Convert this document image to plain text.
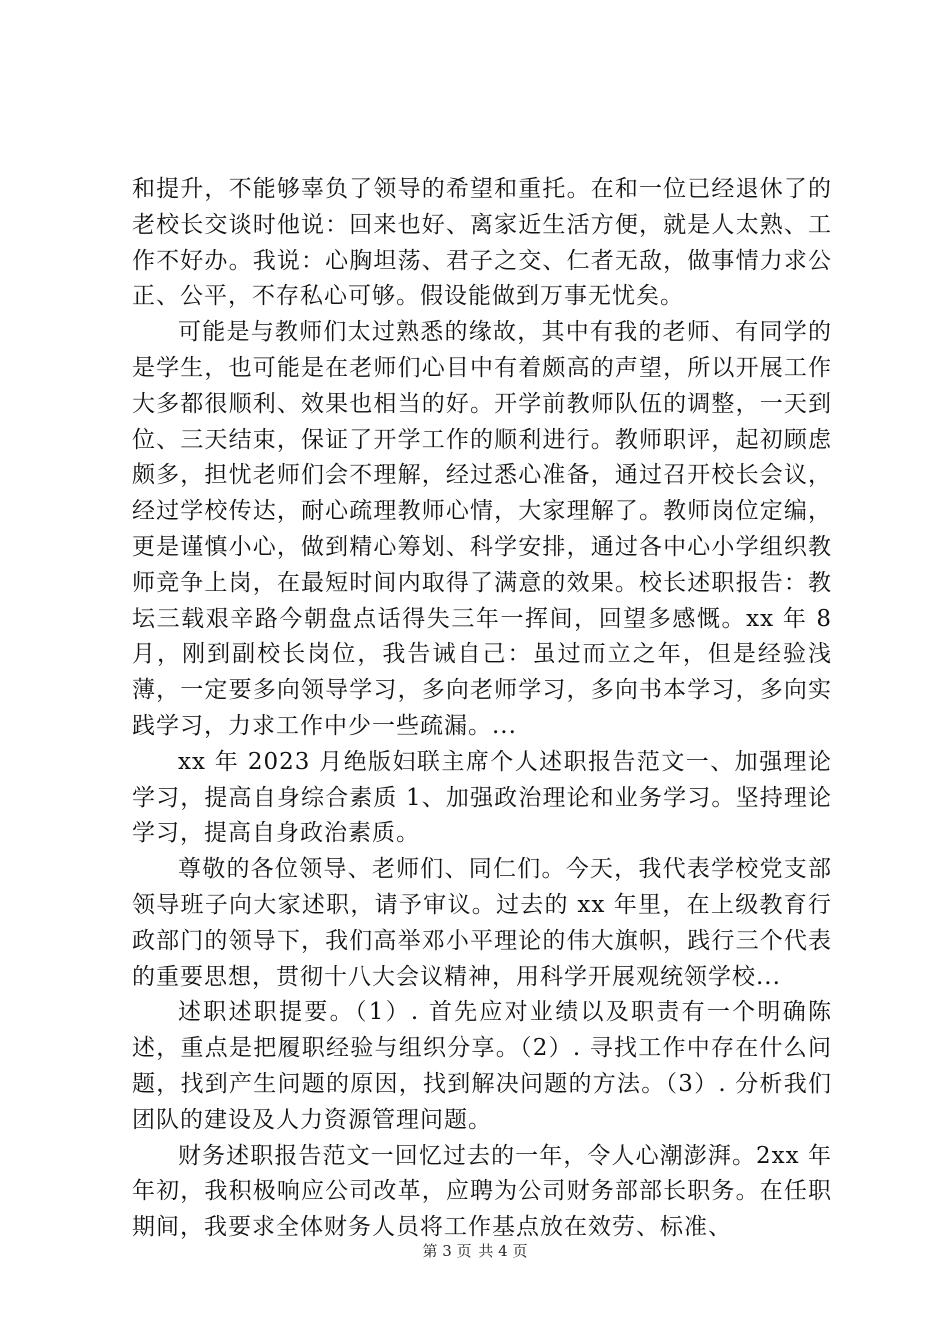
和提升，不能够辜负了领导的希望和重托。在和一位已经退休了的老校长交谈时他说：回来也好、离家近生活方便，就是人太熟、工作不好办。我说：心胸坦荡、君子之交、仁者无敌，做事情力求公正、公平，不存私心可够。假设能做到万事无忧矣。

可能是与教师们太过熟悉的缘故，其中有我的老师、有同学的是学生，也可能是在老师们心目中有着颇高的声望，所以开展工作大多都很顺利、效果也相当的好。开学前教师队伍的调整，一天到位、三天结束，保证了开学工作的顺利进行。教师职评，起初顾虑颇多，担忧老师们会不理解，经过悉心准备，通过召开校长会议，经过学校传达，耐心疏理教师心情，大家理解了。教师岗位定编，更是谨慎小心，做到精心筹划、科学安排，通过各中心小学组织教师竞争上岗，在最短时间内取得了满意的效果。校长述职报告：教坛三载艰辛路今朝盘点话得失三年一挥间，回望多感慨。xx 年 8 月，刚到副校长岗位，我告诫自己：虽过而立之年，但是经验浅薄，一定要多向领导学习，多向老师学习，多向书本学习，多向实践学习，力求工作中少一些疏漏。...

xx 年 2023 月绝版妇联主席个人述职报告范文一、加强理论学习，提高自身综合素质 1、加强政治理论和业务学习。坚持理论学习，提高自身政治素质。

尊敬的各位领导、老师们、同仁们。今天，我代表学校党支部领导班子向大家述职，请予审议。过去的 xx 年里，在上级教育行政部门的领导下，我们高举邓小平理论的伟大旗帜，践行三个代表的重要思想，贯彻十八大会议精神，用科学开展观统领学校...

述职述职提要。（1）. 首先应对业绩以及职责有一个明确陈述，重点是把履职经验与组织分享。（2）. 寻找工作中存在什么问题，找到产生问题的原因，找到解决问题的方法。（3）. 分析我们团队的建设及人力资源管理问题。

财务述职报告范文一回忆过去的一年，令人心潮澎湃。2xx 年年初，我积极响应公司改革，应聘为公司财务部部长职务。在任职期间，我要求全体财务人员将工作基点放在效劳、标准、

第 3 页 共 4 页
